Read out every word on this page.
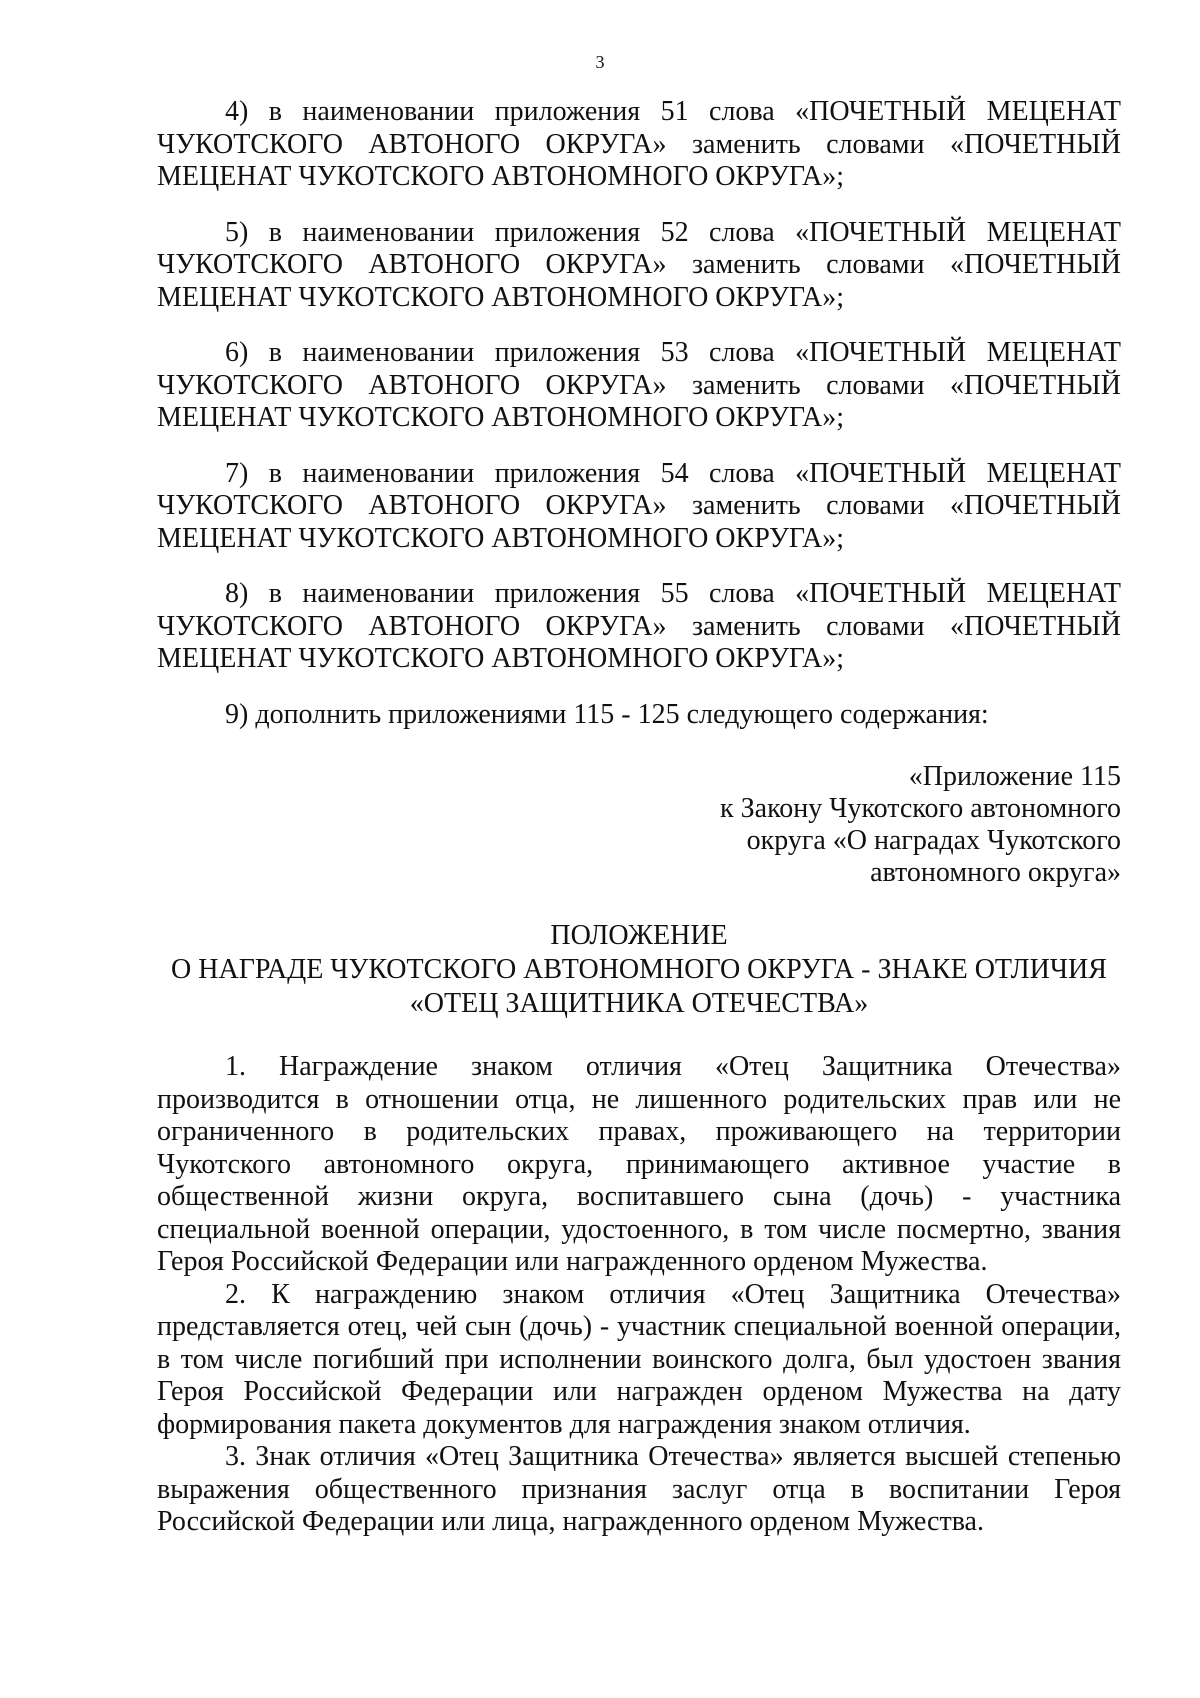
3

4) в наименовании приложения 51 слова «ПОЧЕТНЫЙ МЕЦЕНАТ ЧУКОТСКОГО АВТОНОГО ОКРУГА» заменить словами «ПОЧЕТНЫЙ МЕЦЕНАТ ЧУКОТСКОГО АВТОНОМНОГО ОКРУГА»;

5) в наименовании приложения 52 слова «ПОЧЕТНЫЙ МЕЦЕНАТ ЧУКОТСКОГО АВТОНОГО ОКРУГА» заменить словами «ПОЧЕТНЫЙ МЕЦЕНАТ ЧУКОТСКОГО АВТОНОМНОГО ОКРУГА»;

6) в наименовании приложения 53 слова «ПОЧЕТНЫЙ МЕЦЕНАТ ЧУКОТСКОГО АВТОНОГО ОКРУГА» заменить словами «ПОЧЕТНЫЙ МЕЦЕНАТ ЧУКОТСКОГО АВТОНОМНОГО ОКРУГА»;

7) в наименовании приложения 54 слова «ПОЧЕТНЫЙ МЕЦЕНАТ ЧУКОТСКОГО АВТОНОГО ОКРУГА» заменить словами «ПОЧЕТНЫЙ МЕЦЕНАТ ЧУКОТСКОГО АВТОНОМНОГО ОКРУГА»;

8) в наименовании приложения 55 слова «ПОЧЕТНЫЙ МЕЦЕНАТ ЧУКОТСКОГО АВТОНОГО ОКРУГА» заменить словами «ПОЧЕТНЫЙ МЕЦЕНАТ ЧУКОТСКОГО АВТОНОМНОГО ОКРУГА»;

9) дополнить приложениями 115 - 125 следующего содержания:

«Приложение 115
к Закону Чукотского автономного
округа «О наградах Чукотского
автономного округа»
ПОЛОЖЕНИЕ
О НАГРАДЕ ЧУКОТСКОГО АВТОНОМНОГО ОКРУГА - ЗНАКЕ ОТЛИЧИЯ
«ОТЕЦ ЗАЩИТНИКА ОТЕЧЕСТВА»

1. Награждение знаком отличия «Отец Защитника Отечества» производится в отношении отца, не лишенного родительских прав или не ограниченного в родительских правах, проживающего на территории Чукотского автономного округа, принимающего активное участие в общественной жизни округа, воспитавшего сына (дочь) - участника специальной военной операции, удостоенного, в том числе посмертно, звания Героя Российской Федерации или награжденного орденом Мужества.

2. К награждению знаком отличия «Отец Защитника Отечества» представляется отец, чей сын (дочь) - участник специальной военной операции, в том числе погибший при исполнении воинского долга, был удостоен звания Героя Российской Федерации или награжден орденом Мужества на дату формирования пакета документов для награждения знаком отличия.

3. Знак отличия «Отец Защитника Отечества» является высшей степенью выражения общественного признания заслуг отца в воспитании Героя Российской Федерации или лица, награжденного орденом Мужества.
